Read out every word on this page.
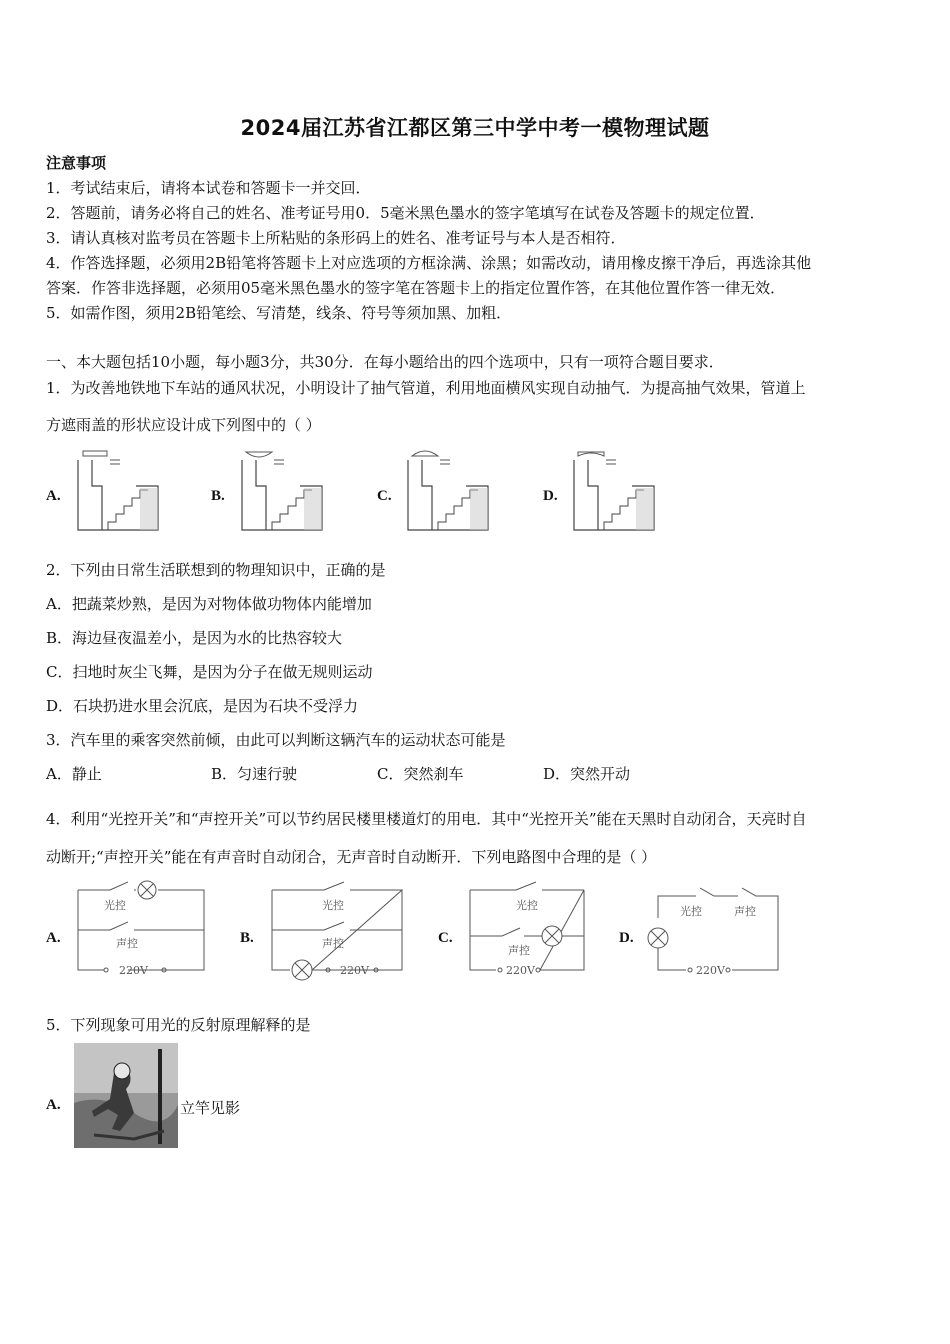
2024届江苏省江都区第三中学中考一模物理试题
注意事项
1．考试结束后，请将本试卷和答题卡一并交回．
2．答题前，请务必将自己的姓名、准考证号用0．5毫米黑色墨水的签字笔填写在试卷及答题卡的规定位置．
3．请认真核对监考员在答题卡上所粘贴的条形码上的姓名、准考证号与本人是否相符．
4．作答选择题，必须用2B铅笔将答题卡上对应选项的方框涂满、涂黑；如需改动，请用橡皮擦干净后，再选涂其他
答案．作答非选择题，必须用05毫米黑色墨水的签字笔在答题卡上的指定位置作答，在其他位置作答一律无效．
5．如需作图，须用2B铅笔绘、写清楚，线条、符号等须加黑、加粗．
一、本大题包括10小题，每小题3分，共30分．在每小题给出的四个选项中，只有一项符合题目要求．
1．为改善地铁地下车站的通风状况，小明设计了抽气管道，利用地面横风实现自动抽气．为提高抽气效果，管道上
方遮雨盖的形状应设计成下列图中的（ ）
A.	B.	C.	D.
2．下列由日常生活联想到的物理知识中，正确的是
A．把蔬菜炒熟，是因为对物体做功物体内能增加
B．海边昼夜温差小，是因为水的比热容较大
C．扫地时灰尘飞舞，是因为分子在做无规则运动
D．石块扔进水里会沉底，是因为石块不受浮力
3．汽车里的乘客突然前倾，由此可以判断这辆汽车的运动状态可能是
A．静止	B．匀速行驶	C．突然刹车	D．突然开动
4．利用“光控开关”和“声控开关”可以节约居民楼里楼道灯的用电．其中“光控开关”能在天黑时自动闭合，天亮时自
动断开;“声控开关”能在有声音时自动闭合，无声音时自动断开．下列电路图中合理的是（ ）
A.	B.	C.	D.
光控
声控
220V
光控
声控
220V
光控
声控
220V
光控	声控
220V
5．下列现象可用光的反射原理解释的是
A.	立竿见影
